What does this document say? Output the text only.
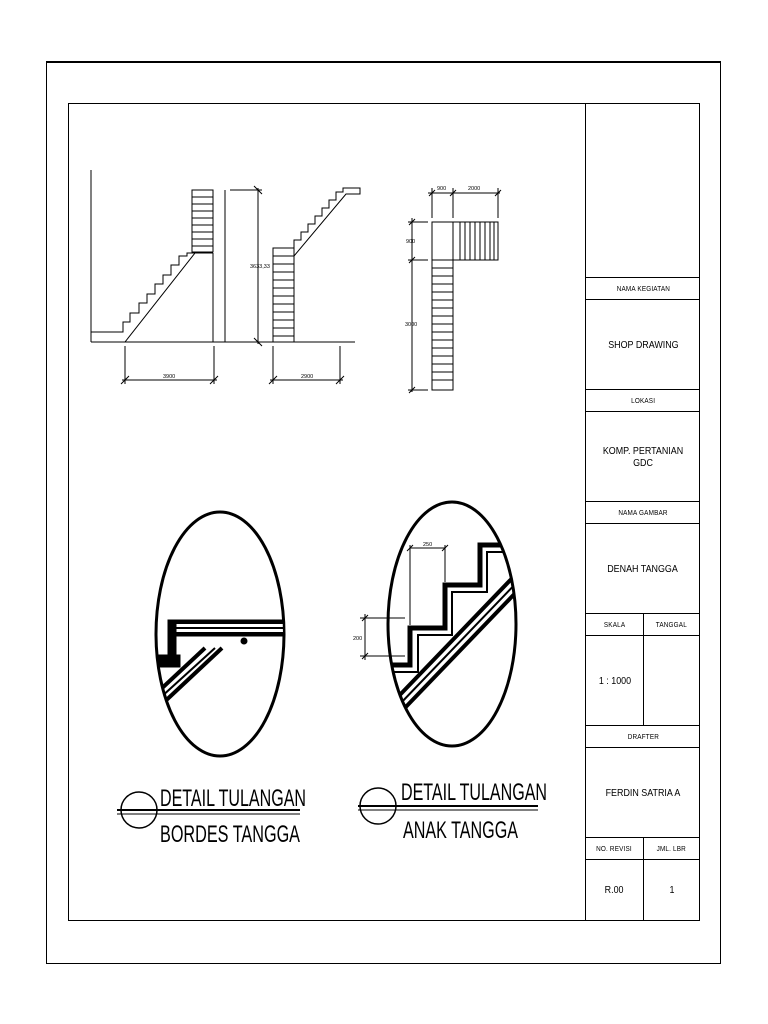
3633,33
3900	2900
900	2000
900
3000
250
200
DETAIL TULANGAN
BORDES TANGGA
DETAIL TULANGAN
ANAK TANGGA
NAMA KEGIATAN
SHOP DRAWING
LOKASI
KOMP. PERTANIAN GDC
NAMA GAMBAR
DENAH TANGGA
SKALA	TANGGAL
1 : 1000
DRAFTER
FERDIN SATRIA A
NO. REVISI	JML. LBR
R.00	1
